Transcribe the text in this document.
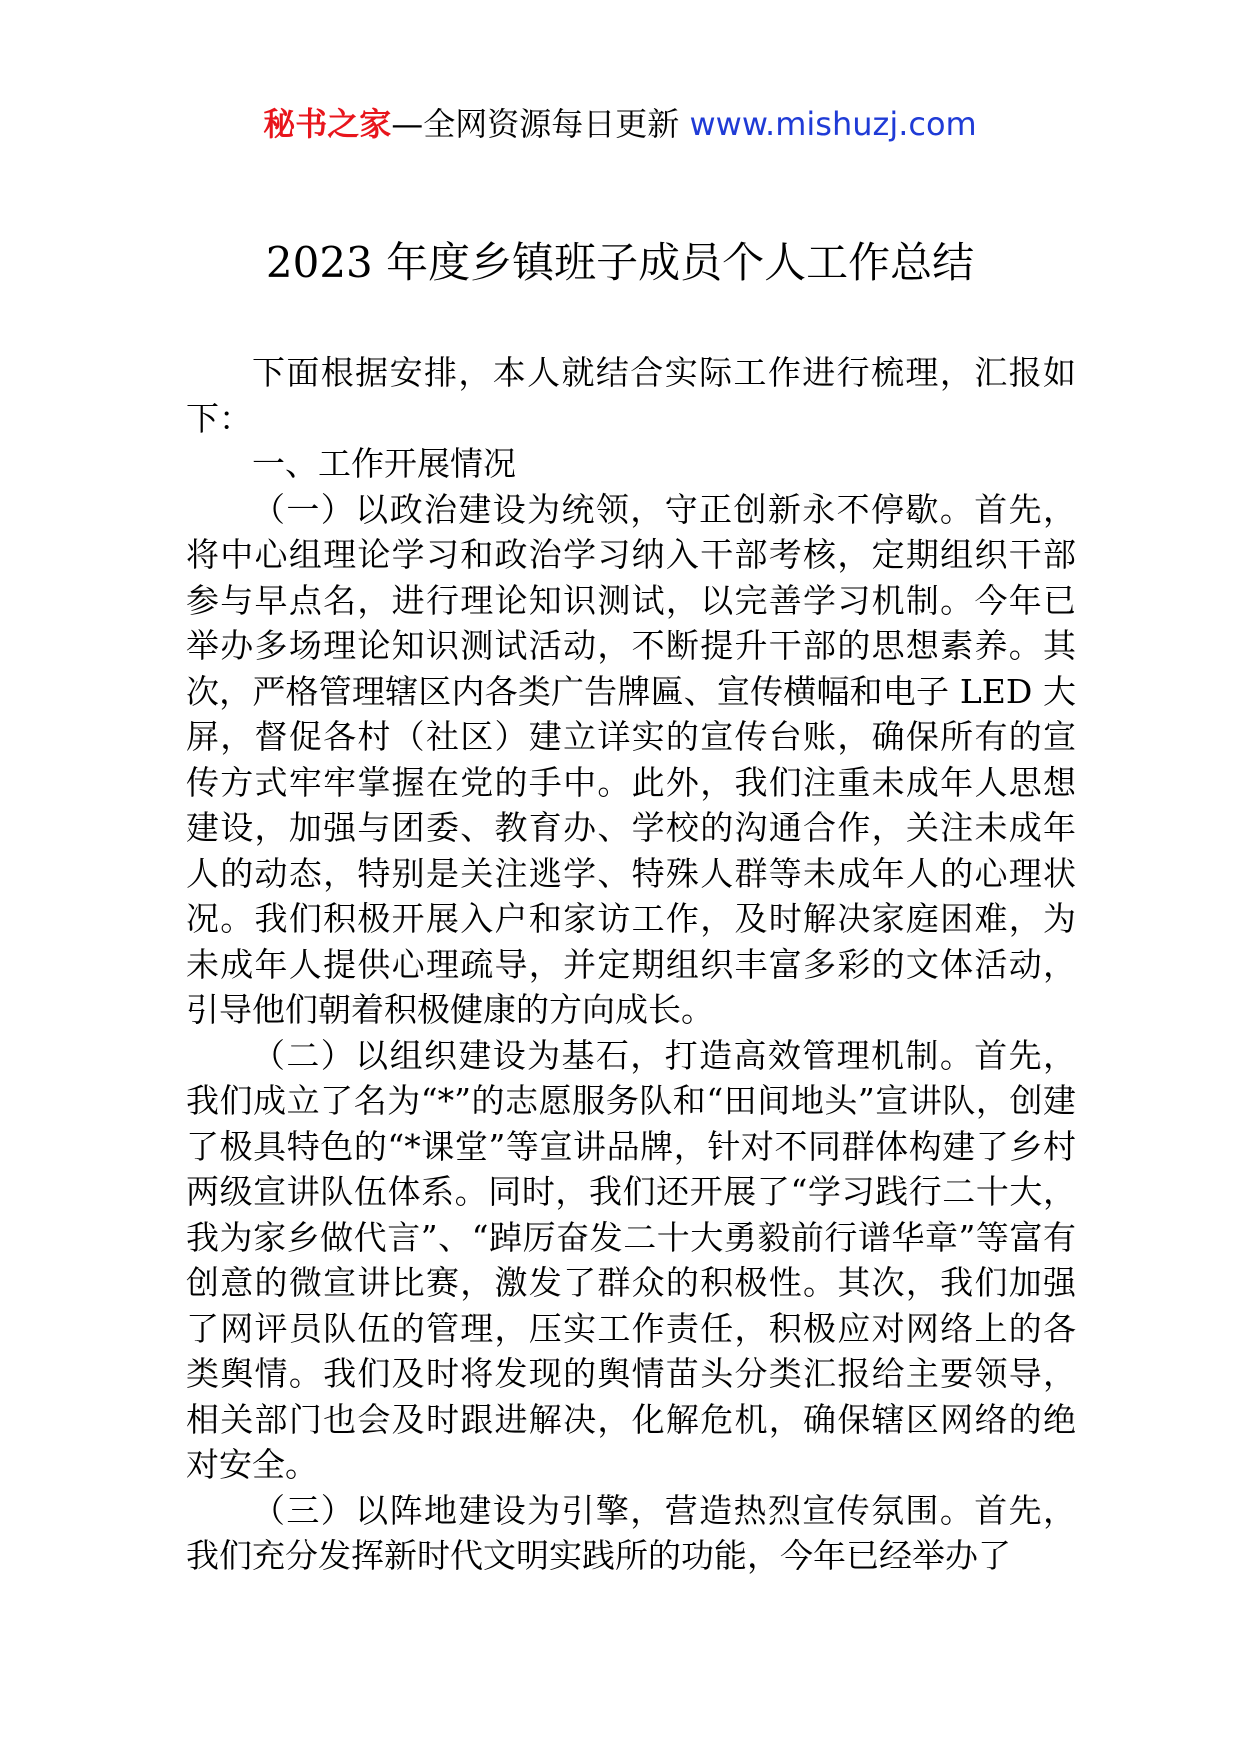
秘书之家—全网资源每日更新 www.mishuzj.com
2023 年度乡镇班子成员个人工作总结

下面根据安排，本人就结合实际工作进行梳理，汇报如下：

一、工作开展情况

（一）以政治建设为统领，守正创新永不停歇。首先，将中心组理论学习和政治学习纳入干部考核，定期组织干部参与早点名，进行理论知识测试，以完善学习机制。今年已举办多场理论知识测试活动，不断提升干部的思想素养。其次，严格管理辖区内各类广告牌匾、宣传横幅和电子 LED 大屏，督促各村（社区）建立详实的宣传台账，确保所有的宣传方式牢牢掌握在党的手中。此外，我们注重未成年人思想建设，加强与团委、教育办、学校的沟通合作，关注未成年人的动态，特别是关注逃学、特殊人群等未成年人的心理状况。我们积极开展入户和家访工作，及时解决家庭困难，为未成年人提供心理疏导，并定期组织丰富多彩的文体活动，引导他们朝着积极健康的方向成长。

（二）以组织建设为基石，打造高效管理机制。首先，我们成立了名为“*”的志愿服务队和“田间地头”宣讲队，创建了极具特色的“*课堂”等宣讲品牌，针对不同群体构建了乡村两级宣讲队伍体系。同时，我们还开展了“学习践行二十大，我为家乡做代言”、“踔厉奋发二十大勇毅前行谱华章”等富有创意的微宣讲比赛，激发了群众的积极性。其次，我们加强了网评员队伍的管理，压实工作责任，积极应对网络上的各类舆情。我们及时将发现的舆情苗头分类汇报给主要领导，相关部门也会及时跟进解决，化解危机，确保辖区网络的绝对安全。

（三）以阵地建设为引擎，营造热烈宣传氛围。首先，我们充分发挥新时代文明实践所的功能，今年已经举办了
